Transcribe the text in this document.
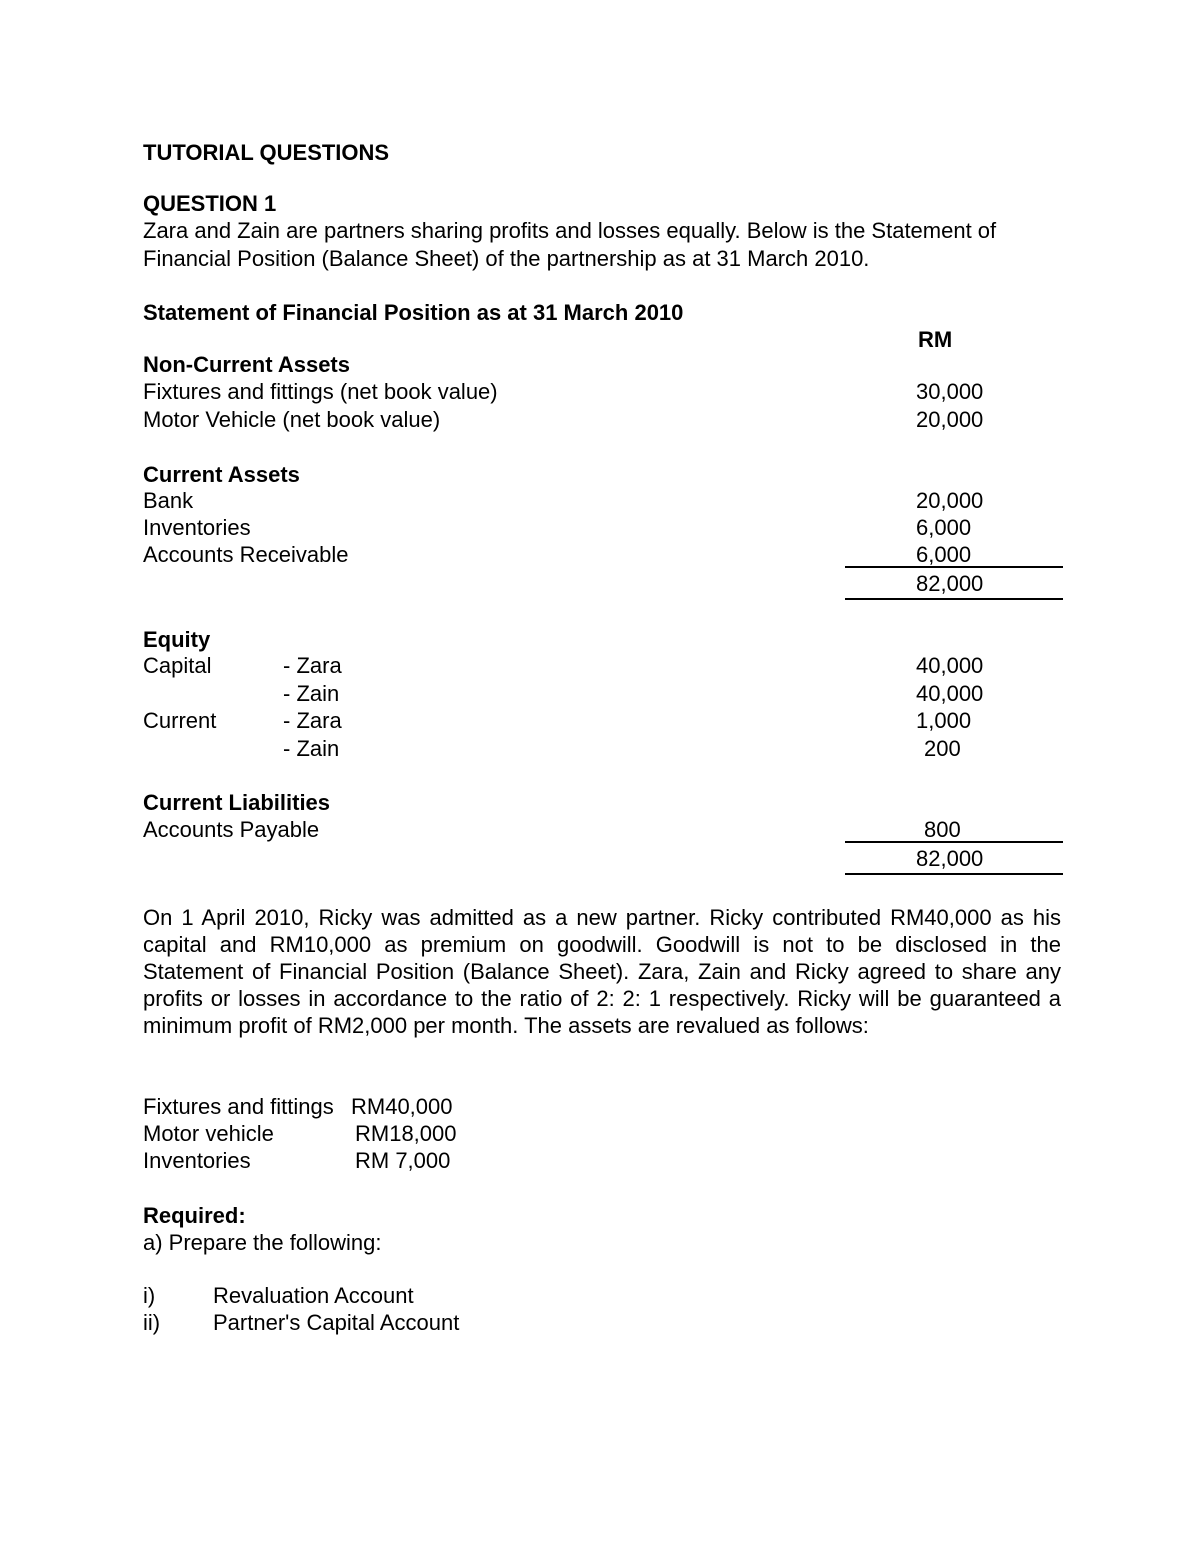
TUTORIAL QUESTIONS
QUESTION 1
Zara and Zain are partners sharing profits and losses equally. Below is the Statement of
Financial Position (Balance Sheet) of the partnership as at 31 March 2010.
Statement of Financial Position as at 31 March 2010
RM
Non-Current Assets
Fixtures and fittings (net book value)	30,000
Motor Vehicle (net book value)	20,000
Current Assets
Bank	20,000
Inventories	6,000
Accounts Receivable	6,000
82,000
Equity
Capital	- Zara	40,000
- Zain	40,000
Current	- Zara	1,000
- Zain	200
Current Liabilities
Accounts Payable	800
82,000
On 1 April 2010, Ricky was admitted as a new partner. Ricky contributed RM40,000 as his capital and RM10,000 as premium on goodwill. Goodwill is not to be disclosed in the Statement of Financial Position (Balance Sheet). Zara, Zain and Ricky agreed to share any profits or losses in accordance to the ratio of 2: 2: 1 respectively. Ricky will be guaranteed a minimum profit of RM2,000 per month. The assets are revalued as follows:
Fixtures and fittings RM40,000
Motor vehicle	RM18,000
Inventories	RM 7,000
Required:
a) Prepare the following:
i)	Revaluation Account
ii) Partner's Capital Account
